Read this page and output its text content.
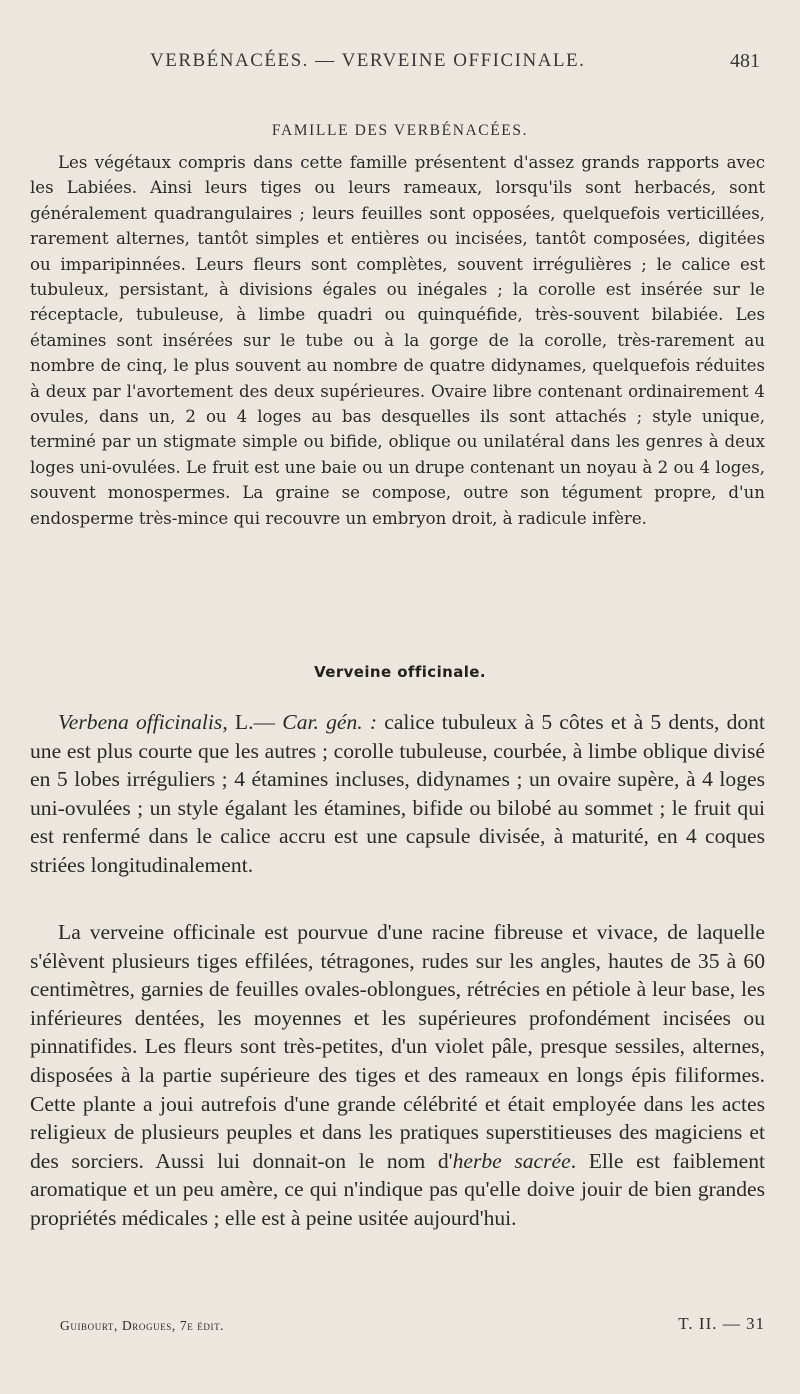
VERBÉNACÉES. — VERVEINE OFFICINALE.	481
FAMILLE DES VERBÉNACÉES.

Les végétaux compris dans cette famille présentent d'assez grands rapports avec les Labiées. Ainsi leurs tiges ou leurs rameaux, lorsqu'ils sont herbacés, sont généralement quadrangulaires ; leurs feuilles sont opposées, quelquefois verticillées, rarement alternes, tantôt simples et entières ou incisées, tantôt composées, digitées ou imparipinnées. Leurs fleurs sont complètes, souvent irrégulières ; le calice est tubuleux, persistant, à divisions égales ou inégales ; la corolle est insérée sur le réceptacle, tubuleuse, à limbe quadri ou quinquéfide, très-souvent bilabiée. Les étamines sont insérées sur le tube ou à la gorge de la corolle, très-rarement au nombre de cinq, le plus souvent au nombre de quatre didynames, quelquefois réduites à deux par l'avortement des deux supérieures. Ovaire libre contenant ordinairement 4 ovules, dans un, 2 ou 4 loges au bas desquelles ils sont attachés ; style unique, terminé par un stigmate simple ou bifide, oblique ou unilatéral dans les genres à deux loges uni-ovulées. Le fruit est une baie ou un drupe contenant un noyau à 2 ou 4 loges, souvent monospermes. La graine se compose, outre son tégument propre, d'un endosperme très-mince qui recouvre un embryon droit, à radicule infère.

Verveine officinale.

Verbena officinalis, L.— Car. gén. : calice tubuleux à 5 côtes et à 5 dents, dont une est plus courte que les autres ; corolle tubuleuse, courbée, à limbe oblique divisé en 5 lobes irréguliers ; 4 étamines incluses, didynames ; un ovaire supère, à 4 loges uni-ovulées ; un style égalant les étamines, bifide ou bilobé au sommet ; le fruit qui est renfermé dans le calice accru est une capsule divisée, à maturité, en 4 coques striées longitudinalement.

La verveine officinale est pourvue d'une racine fibreuse et vivace, de laquelle s'élèvent plusieurs tiges effilées, tétragones, rudes sur les angles, hautes de 35 à 60 centimètres, garnies de feuilles ovales-oblongues, rétrécies en pétiole à leur base, les inférieures dentées, les moyennes et les supérieures profondément incisées ou pinnatifides. Les fleurs sont très-petites, d'un violet pâle, presque sessiles, alternes, disposées à la partie supérieure des tiges et des rameaux en longs épis filiformes. Cette plante a joui autrefois d'une grande célébrité et était employée dans les actes religieux de plusieurs peuples et dans les pratiques superstitieuses des magiciens et des sorciers. Aussi lui donnait-on le nom d'herbe sacrée. Elle est faiblement aromatique et un peu amère, ce qui n'indique pas qu'elle doive jouir de bien grandes propriétés médicales ; elle est à peine usitée aujourd'hui.

Guibourt, Drogues, 7e édit.	T. II. — 31
